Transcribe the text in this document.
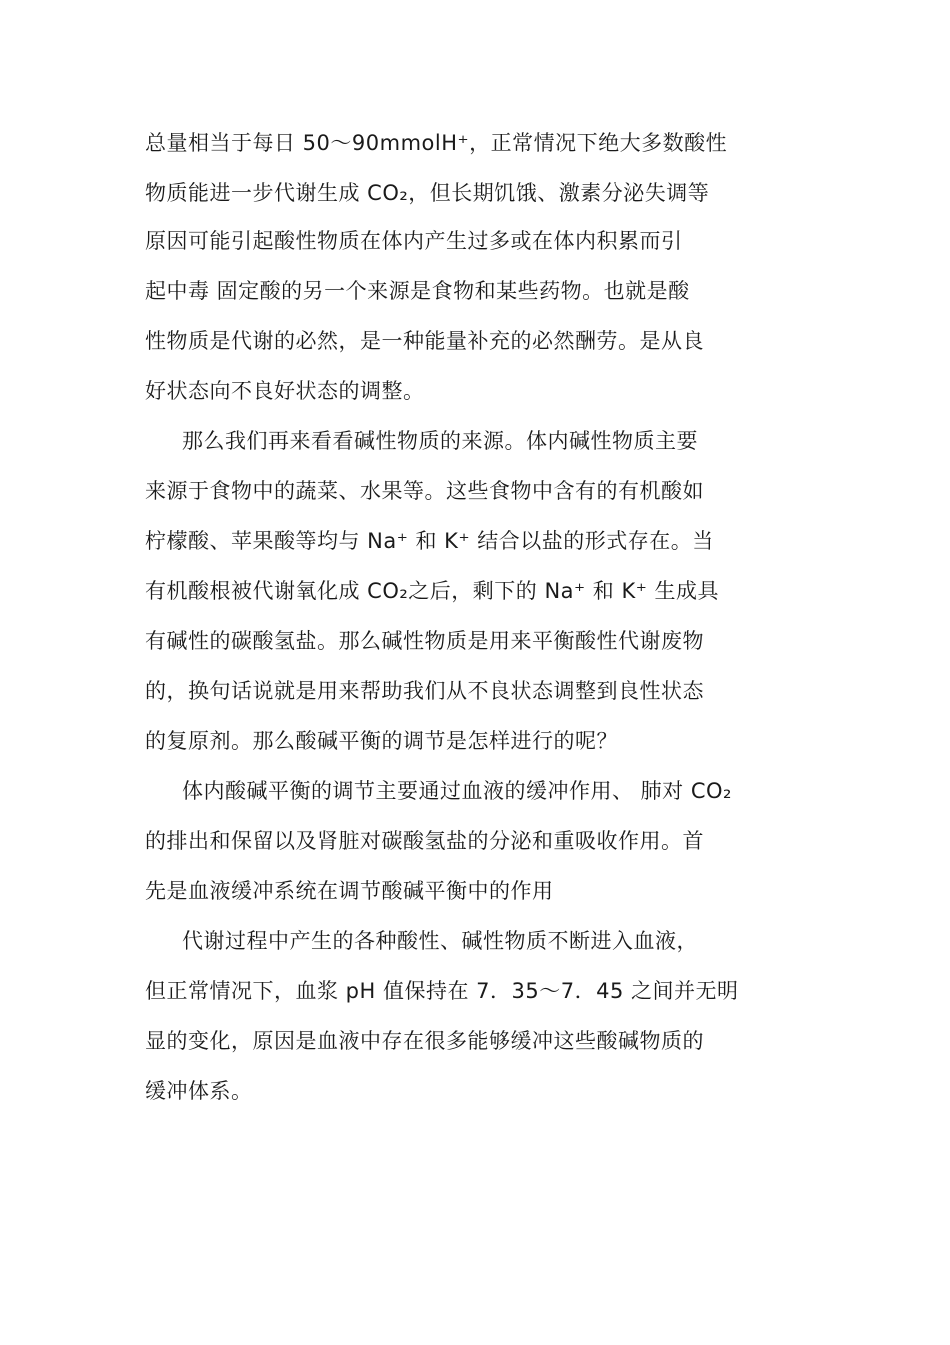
总量相当于每日 50～90mmolH⁺，正常情况下绝大多数酸性
物质能进一步代谢生成 CO₂，但长期饥饿、激素分泌失调等
原因可能引起酸性物质在体内产生过多或在体内积累而引
起中毒 固定酸的另一个来源是食物和某些药物。也就是酸
性物质是代谢的必然，是一种能量补充的必然酬劳。是从良
好状态向不良好状态的调整。
那么我们再来看看碱性物质的来源。体内碱性物质主要
来源于食物中的蔬菜、水果等。这些食物中含有的有机酸如
柠檬酸、苹果酸等均与 Na⁺ 和 K⁺ 结合以盐的形式存在。当
有机酸根被代谢氧化成 CO₂之后，剩下的 Na⁺ 和 K⁺ 生成具
有碱性的碳酸氢盐。那么碱性物质是用来平衡酸性代谢废物
的，换句话说就是用来帮助我们从不良状态调整到良性状态
的复原剂。那么酸碱平衡的调节是怎样进行的呢？
体内酸碱平衡的调节主要通过血液的缓冲作用、 肺对 CO₂
的排出和保留以及肾脏对碳酸氢盐的分泌和重吸收作用。首
先是血液缓冲系统在调节酸碱平衡中的作用
代谢过程中产生的各种酸性、碱性物质不断进入血液，
但正常情况下，血浆 pH 值保持在 7．35～7．45 之间并无明
显的变化，原因是血液中存在很多能够缓冲这些酸碱物质的
缓冲体系。
